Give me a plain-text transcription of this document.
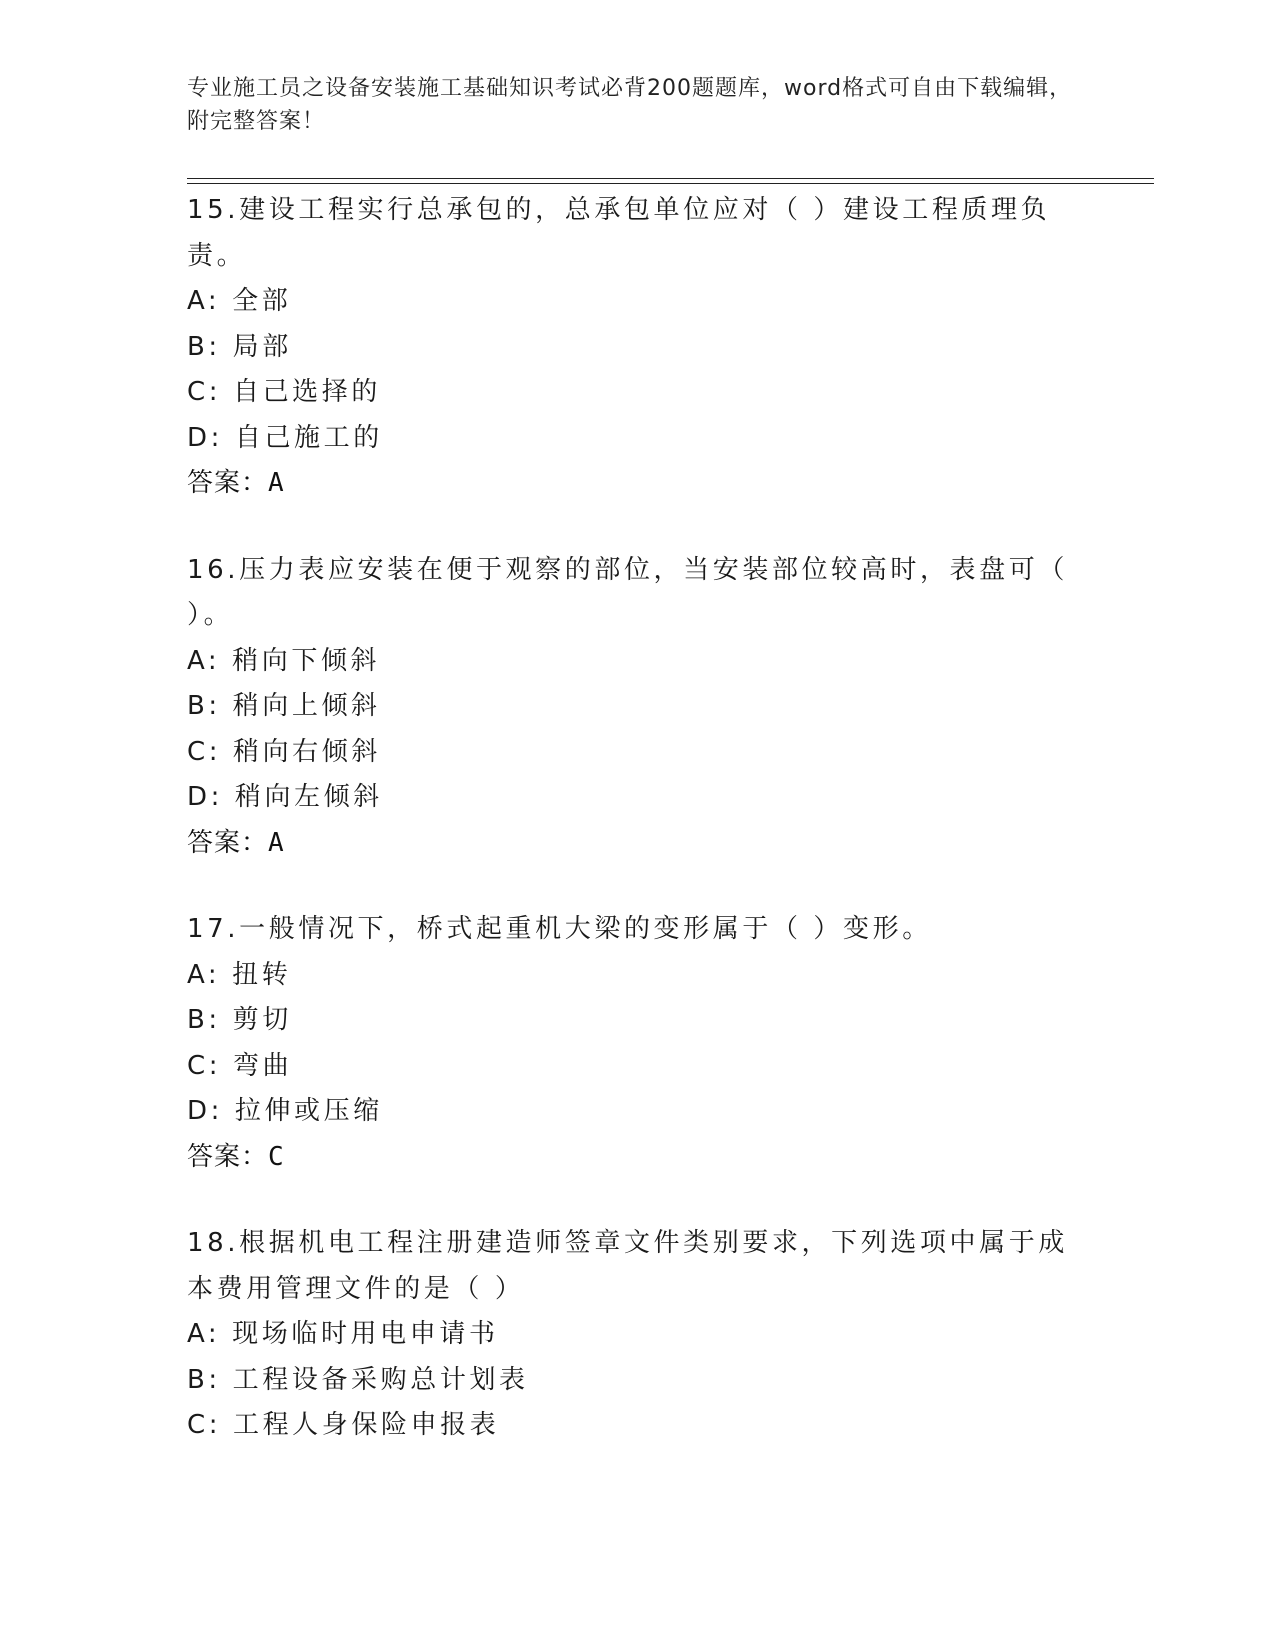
专业施工员之设备安装施工基础知识考试必背200题题库，word格式可自由下载编辑，附完整答案！

15.建设工程实行总承包的，总承包单位应对（ ）建设工程质理负责。

A: 全部

B: 局部

C: 自己选择的

D: 自己施工的

答案：A

16.压力表应安装在便于观察的部位，当安装部位较高时，表盘可（ ）。

A: 稍向下倾斜

B: 稍向上倾斜

C: 稍向右倾斜

D: 稍向左倾斜

答案：A

17.一般情况下，桥式起重机大梁的变形属于（ ）变形。

A: 扭转

B: 剪切

C: 弯曲

D: 拉伸或压缩

答案：C

18.根据机电工程注册建造师签章文件类别要求，下列选项中属于成本费用管理文件的是（ ）

A: 现场临时用电申请书

B: 工程设备采购总计划表

C: 工程人身保险申报表
